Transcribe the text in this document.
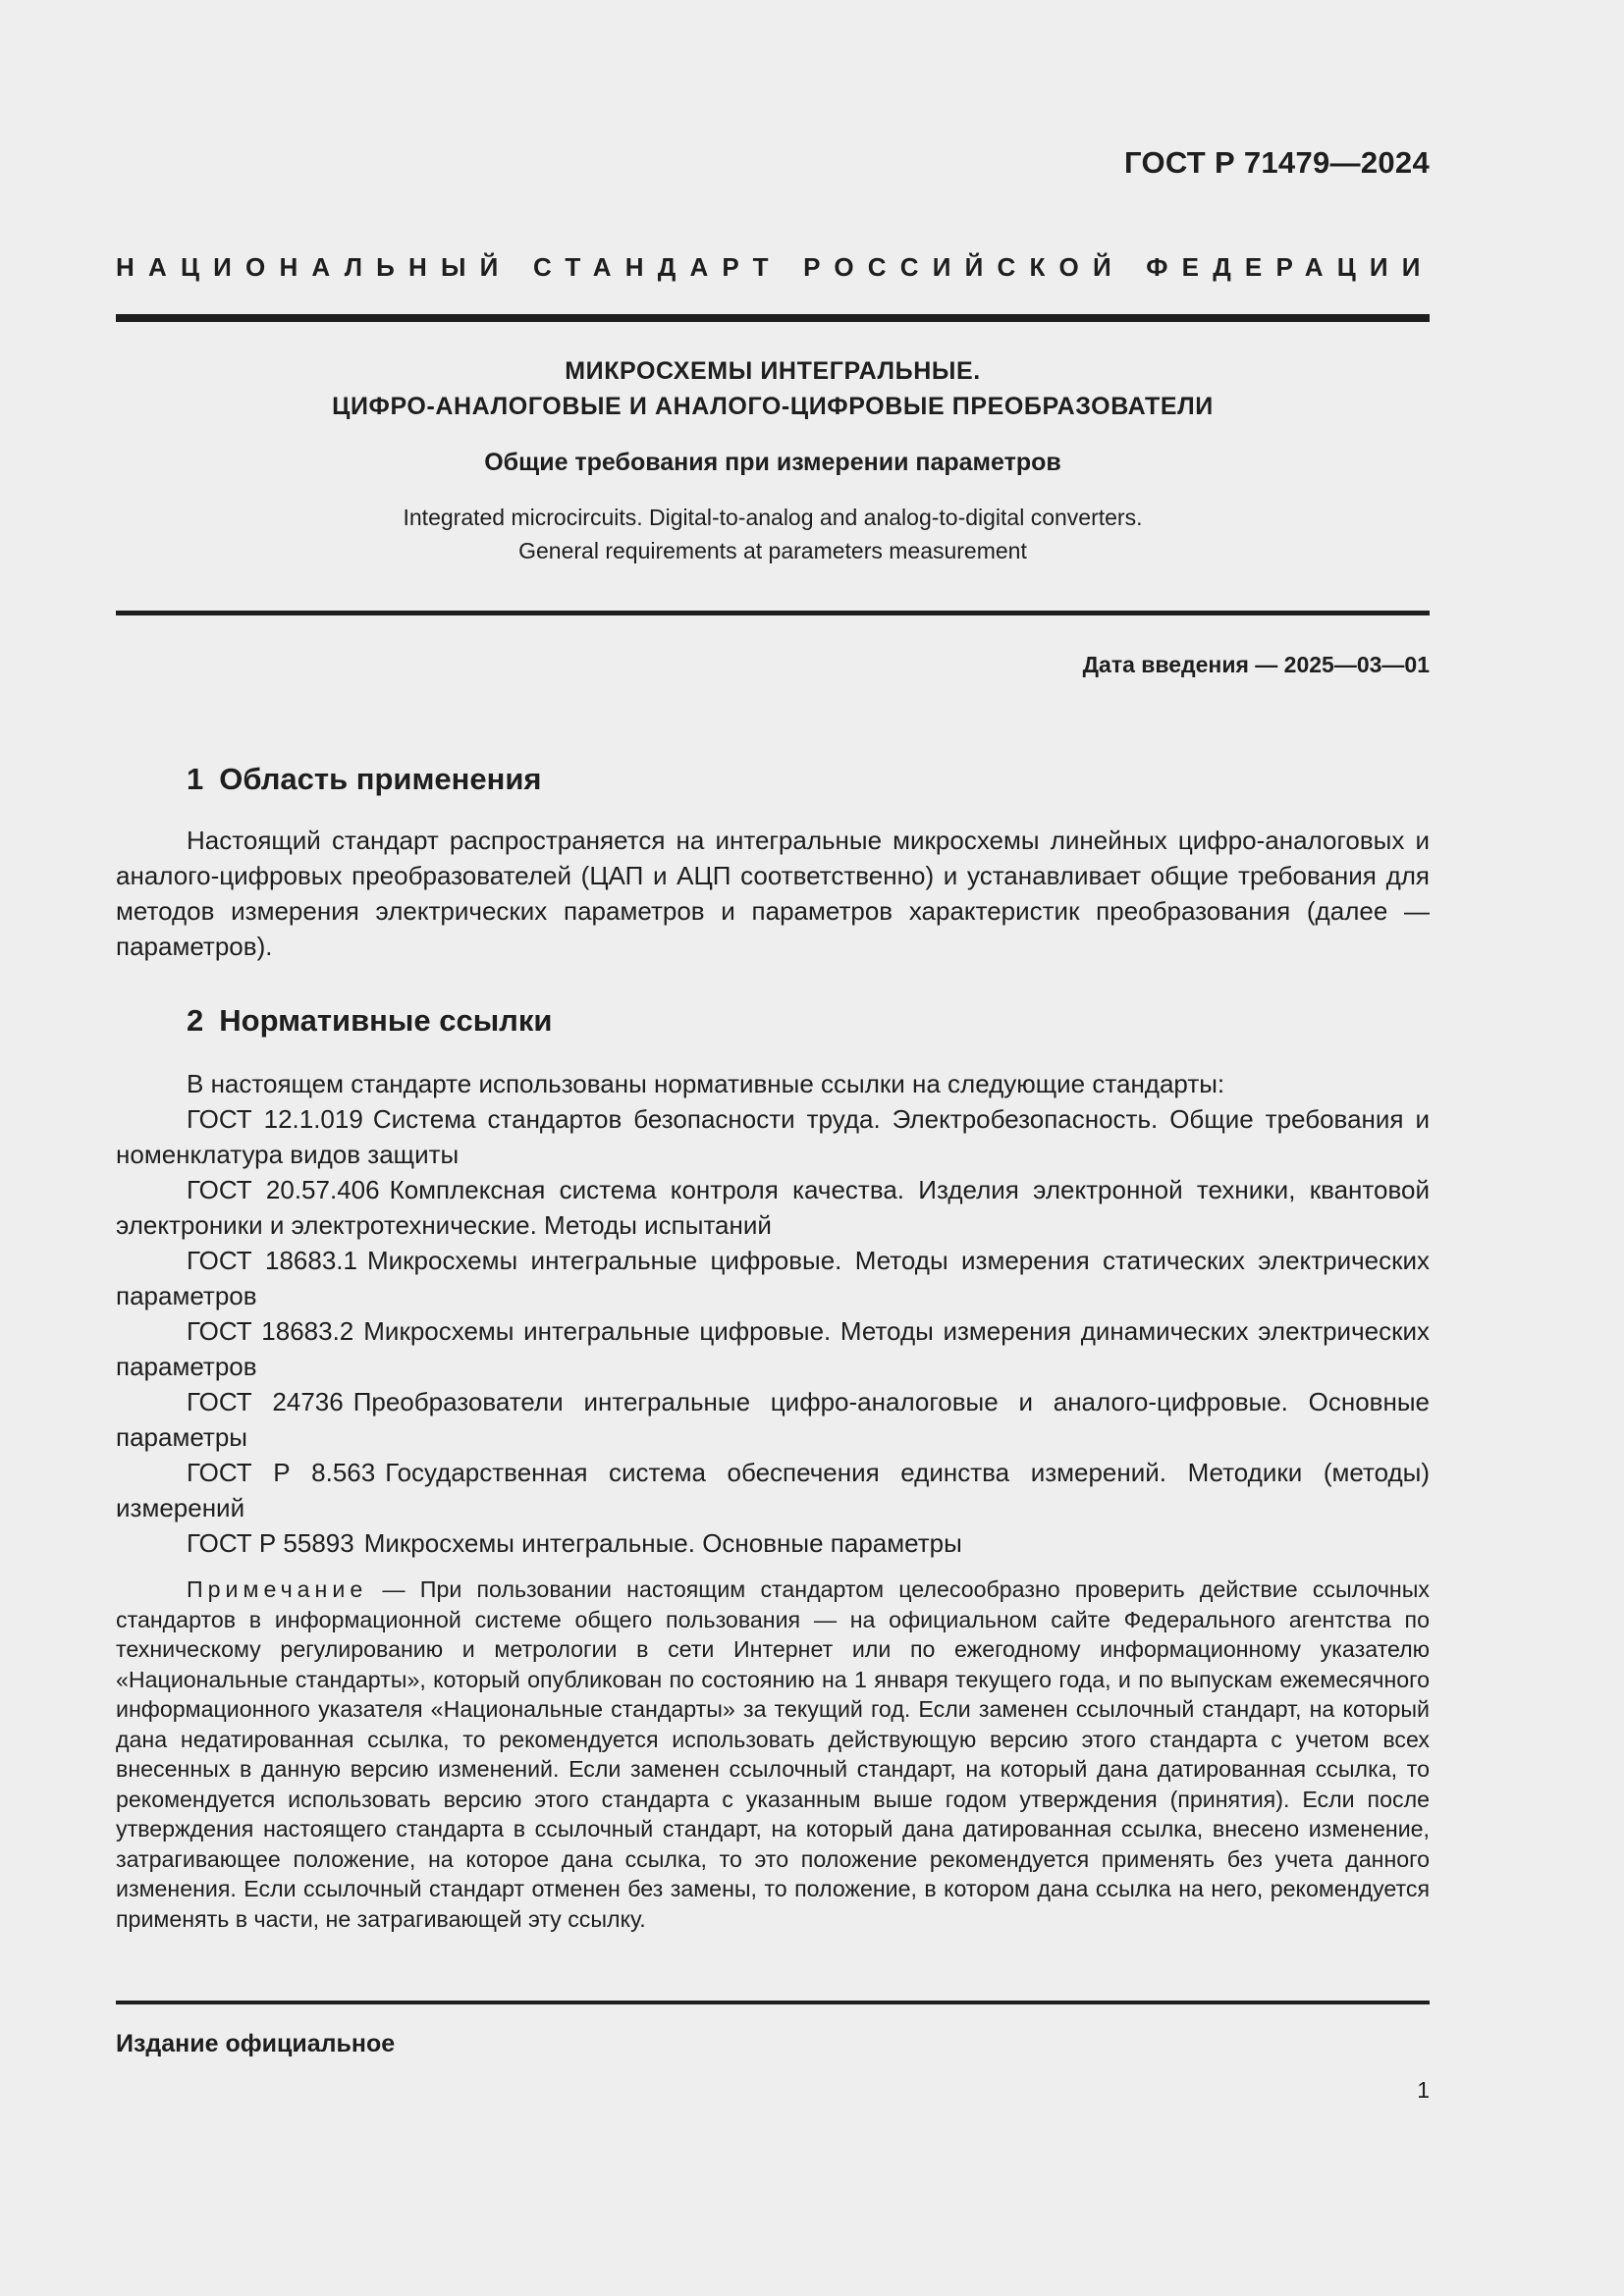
ГОСТ Р 71479—2024
НАЦИОНАЛЬНЫЙ СТАНДАРТ РОССИЙСКОЙ ФЕДЕРАЦИИ
МИКРОСХЕМЫ ИНТЕГРАЛЬНЫЕ.
ЦИФРО-АНАЛОГОВЫЕ И АНАЛОГО-ЦИФРОВЫЕ ПРЕОБРАЗОВАТЕЛИ
Общие требования при измерении параметров
Integrated microcircuits. Digital-to-analog and analog-to-digital converters.
General requirements at parameters measurement
Дата введения — 2025—03—01
1 Область применения
Настоящий стандарт распространяется на интегральные микросхемы линейных цифро-аналоговых и аналого-цифровых преобразователей (ЦАП и АЦП соответственно) и устанавливает общие требования для методов измерения электрических параметров и параметров характеристик преобразования (далее — параметров).
2 Нормативные ссылки
В настоящем стандарте использованы нормативные ссылки на следующие стандарты:
ГОСТ 12.1.019 Система стандартов безопасности труда. Электробезопасность. Общие требования и номенклатура видов защиты
ГОСТ 20.57.406 Комплексная система контроля качества. Изделия электронной техники, квантовой электроники и электротехнические. Методы испытаний
ГОСТ 18683.1 Микросхемы интегральные цифровые. Методы измерения статических электрических параметров
ГОСТ 18683.2 Микросхемы интегральные цифровые. Методы измерения динамических электрических параметров
ГОСТ 24736 Преобразователи интегральные цифро-аналоговые и аналого-цифровые. Основные параметры
ГОСТ Р 8.563 Государственная система обеспечения единства измерений. Методики (методы) измерений
ГОСТ Р 55893 Микросхемы интегральные. Основные параметры
Примечание — При пользовании настоящим стандартом целесообразно проверить действие ссылочных стандартов в информационной системе общего пользования — на официальном сайте Федерального агентства по техническому регулированию и метрологии в сети Интернет или по ежегодному информационному указателю «Национальные стандарты», который опубликован по состоянию на 1 января текущего года, и по выпускам ежемесячного информационного указателя «Национальные стандарты» за текущий год. Если заменен ссылочный стандарт, на который дана недатированная ссылка, то рекомендуется использовать действующую версию этого стандарта с учетом всех внесенных в данную версию изменений. Если заменен ссылочный стандарт, на который дана датированная ссылка, то рекомендуется использовать версию этого стандарта с указанным выше годом утверждения (принятия). Если после утверждения настоящего стандарта в ссылочный стандарт, на который дана датированная ссылка, внесено изменение, затрагивающее положение, на которое дана ссылка, то это положение рекомендуется применять без учета данного изменения. Если ссылочный стандарт отменен без замены, то положение, в котором дана ссылка на него, рекомендуется применять в части, не затрагивающей эту ссылку.
Издание официальное
1
